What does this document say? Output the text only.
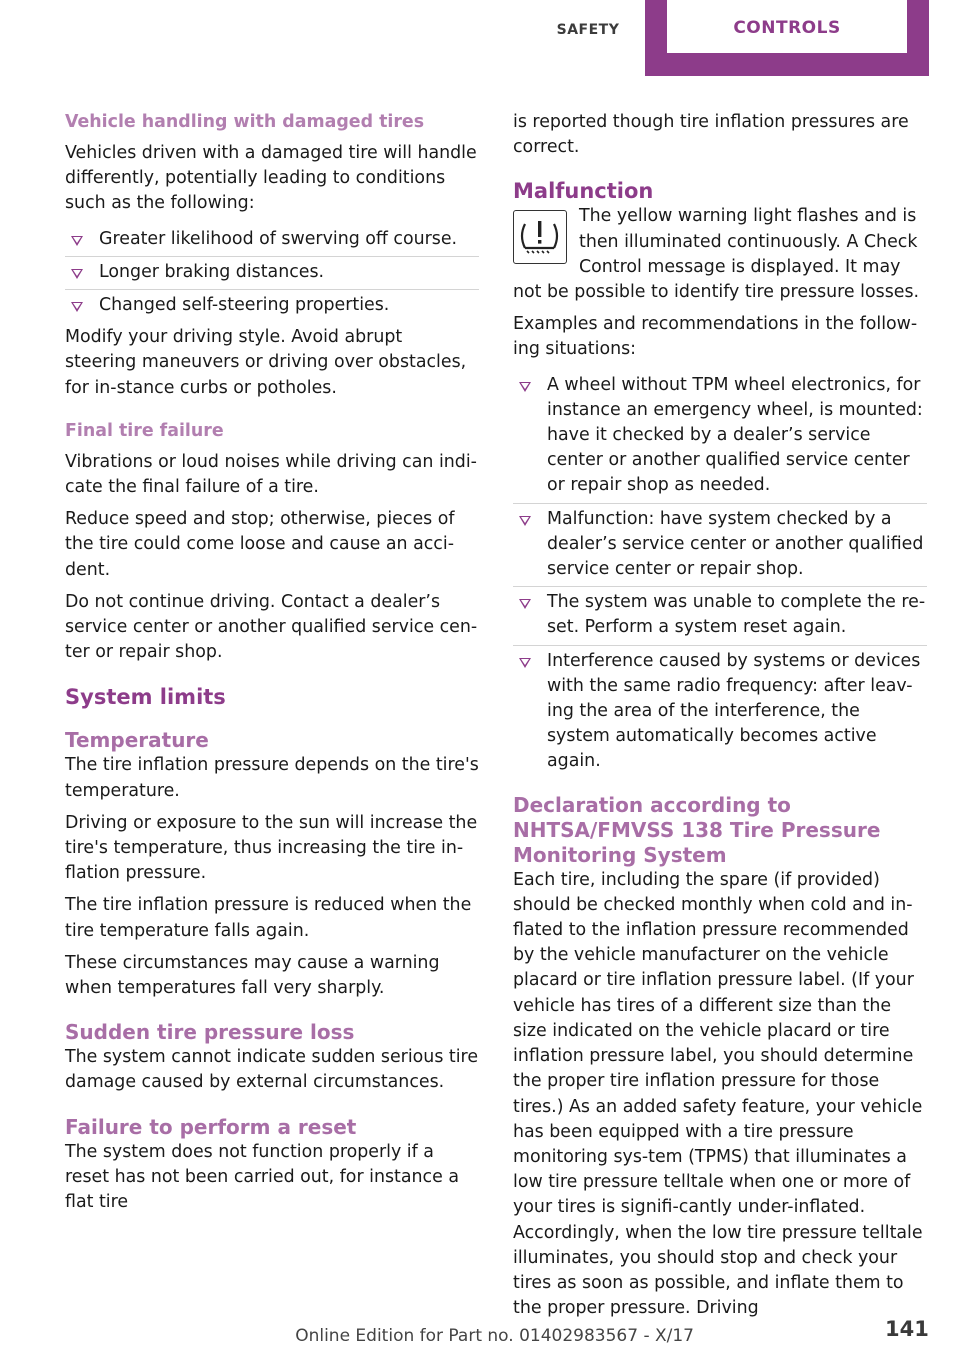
SAFETY	CONTROLS
Vehicle handling with damaged tires

Vehicles driven with a damaged tire will handle differently, potentially leading to conditions such as the following:

Greater likelihood of swerving off course.
Longer braking distances.
Changed self-steering properties.

Modify your driving style. Avoid abrupt steering maneuvers or driving over obstacles, for in-stance curbs or potholes.

Final tire failure

Vibrations or loud noises while driving can indi-cate the final failure of a tire.

Reduce speed and stop; otherwise, pieces of the tire could come loose and cause an acci-dent.

Do not continue driving. Contact a dealer’s service center or another qualified service cen-ter or repair shop.

System limits
Temperature

The tire inflation pressure depends on the tire's temperature.

Driving or exposure to the sun will increase the tire's temperature, thus increasing the tire in-flation pressure.

The tire inflation pressure is reduced when the tire temperature falls again.

These circumstances may cause a warning when temperatures fall very sharply.

Sudden tire pressure loss

The system cannot indicate sudden serious tire damage caused by external circumstances.

Failure to perform a reset

The system does not function properly if a reset has not been carried out, for instance a flat tire

is reported though tire inflation pressures are correct.

Malfunction

The yellow warning light flashes and is then illuminated continuously. A Check Control message is displayed. It may not be possible to identify tire pressure losses.

Examples and recommendations in the follow-ing situations:

A wheel without TPM wheel electronics, for instance an emergency wheel, is mounted: have it checked by a dealer’s service center or another qualified service center or repair shop as needed.
Malfunction: have system checked by a dealer’s service center or another qualified service center or repair shop.
The system was unable to complete the re-set. Perform a system reset again.
Interference caused by systems or devices with the same radio frequency: after leav-ing the area of the interference, the system automatically becomes active again.
Declaration according to NHTSA/FMVSS 138 Tire Pressure Monitoring System

Each tire, including the spare (if provided) should be checked monthly when cold and in-flated to the inflation pressure recommended by the vehicle manufacturer on the vehicle placard or tire inflation pressure label. (If your vehicle has tires of a different size than the size indicated on the vehicle placard or tire inflation pressure label, you should determine the proper tire inflation pressure for those tires.) As an added safety feature, your vehicle has been equipped with a tire pressure monitoring sys-tem (TPMS) that illuminates a low tire pressure telltale when one or more of your tires is signifi-cantly under-inflated. Accordingly, when the low tire pressure telltale illuminates, you should stop and check your tires as soon as possible, and inflate them to the proper pressure. Driving

Online Edition for Part no. 01402983567 - X/17	141
